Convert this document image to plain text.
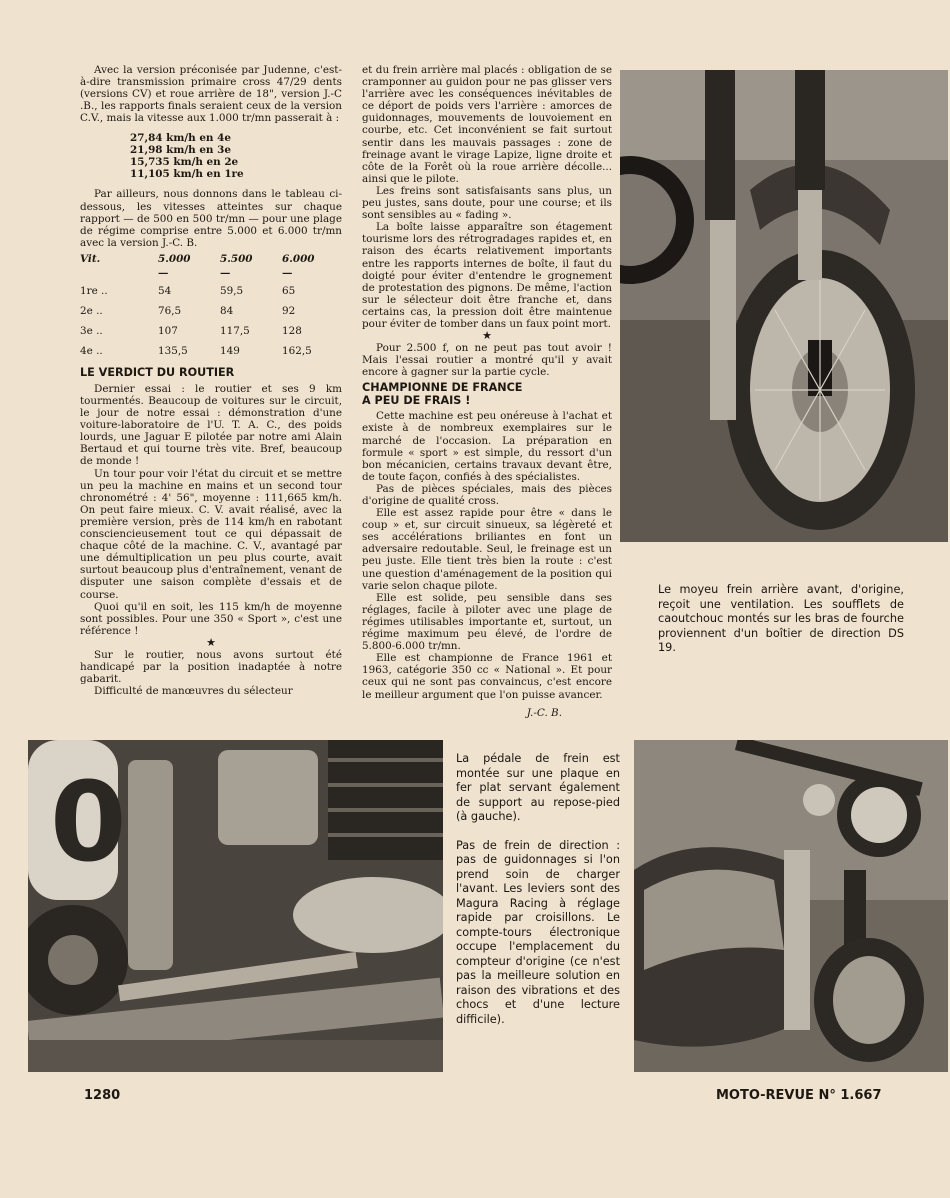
Avec la version préconisée par Judenne, c'est-à-dire transmission primaire cross 47/29 dents (versions CV) et roue arrière de 18", version J.-C .B., les rapports finals seraient ceux de la version C.V., mais la vitesse aux 1.000 tr/mn passerait à :

27,84 km/h en 4e
21,98 km/h en 3e
15,735 km/h en 2e
11,105 km/h en 1re

Par ailleurs, nous donnons dans le tableau ci-dessous, les vitesses atteintes sur chaque rapport — de 500 en 500 tr/mn — pour une plage de régime comprise entre 5.000 et 6.000 tr/mn avec la version J.-C. B.

Vit.	5.000	5.500	6.000
	—	—	—
1re ..	54	59,5	65
2e ..	76,5	84	92
3e ..	107	117,5	128
4e ..	135,5	149	162,5
LE VERDICT DU ROUTIER

Dernier essai : le routier et ses 9 km tourmentés. Beaucoup de voitures sur le circuit, le jour de notre essai : démonstration d'une voiture-laboratoire de l'U. T. A. C., des poids lourds, une Jaguar E pilotée par notre ami Alain Bertaud et qui tourne très vite. Bref, beaucoup de monde !

Un tour pour voir l'état du circuit et se mettre un peu la machine en mains et un second tour chronométré : 4' 56", moyenne : 111,665 km/h. On peut faire mieux. C. V. avait réalisé, avec la première version, près de 114 km/h en rabotant consciencieusement tout ce qui dépassait de chaque côté de la machine. C. V., avantagé par une démultiplication un peu plus courte, avait surtout beaucoup plus d'entraînement, venant de disputer une saison complète d'essais et de course.

Quoi qu'il en soit, les 115 km/h de moyenne sont possibles. Pour une 350 « Sport », c'est une référence !

★

Sur le routier, nous avons surtout été handicapé par la position inadaptée à notre gabarit.

Difficulté de manœuvres du sélecteur

et du frein arrière mal placés : obligation de se cramponner au guidon pour ne pas glisser vers l'arrière avec les conséquences inévitables de ce déport de poids vers l'arrière : amorces de guidonnages, mouvements de louvoiement en courbe, etc. Cet inconvénient se fait surtout sentir dans les mauvais passages : zone de freinage avant le virage Lapize, ligne droite et côte de la Forêt où la roue arrière décolle... ainsi que le pilote.

Les freins sont satisfaisants sans plus, un peu justes, sans doute, pour une course; et ils sont sensibles au « fading ».

La boîte laisse apparaître son étagement tourisme lors des rétrogradages rapides et, en raison des écarts relativement importants entre les rapports internes de boîte, il faut du doigté pour éviter d'entendre le grognement de protestation des pignons. De même, l'action sur le sélecteur doit être franche et, dans certains cas, la pression doit être maintenue pour éviter de tomber dans un faux point mort.

★

Pour 2.500 f, on ne peut pas tout avoir ! Mais l'essai routier a montré qu'il y avait encore à gagner sur la partie cycle.

CHAMPIONNE DE FRANCE
A PEU DE FRAIS !

Cette machine est peu onéreuse à l'achat et existe à de nombreux exemplaires sur le marché de l'occasion. La préparation en formule « sport » est simple, du ressort d'un bon mécanicien, certains travaux devant être, de toute façon, confiés à des spécialistes.

Pas de pièces spéciales, mais des pièces d'origine de qualité cross.

Elle est assez rapide pour être « dans le coup » et, sur circuit sinueux, sa légèreté et ses accélérations briliantes en font un adversaire redoutable. Seul, le freinage est un peu juste. Elle tient très bien la route : c'est une question d'aménagement de la position qui varie selon chaque pilote.

Elle est solide, peu sensible dans ses réglages, facile à piloter avec une plage de régimes utilisables importante et, surtout, un régime maximum peu élevé, de l'ordre de 5.800-6.000 tr/mn.

Elle est championne de France 1961 et 1963, catégorie 350 cc « National ». Et pour ceux qui ne sont pas convaincus, c'est encore le meilleur argument que l'on puisse avancer.

J.-C. B.

Le moyeu frein arrière avant, d'origine, reçoit une ventilation. Les soufflets de caoutchouc montés sur les bras de fourche proviennent d'un boîtier de direction DS 19.

0	La pédale de frein est montée sur une plaque en fer plat servant également de support au repose-pied (à gauche).

Pas de frein de direction : pas de guidonnages si l'on prend soin de charger l'avant. Les leviers sont des Magura Racing à réglage rapide par croisillons. Le compte-tours électronique occupe l'emplacement du compteur d'origine (ce n'est pas la meilleure solution en raison des vibrations et des chocs et d'une lecture difficile).

1280	MOTO-REVUE N° 1.667
